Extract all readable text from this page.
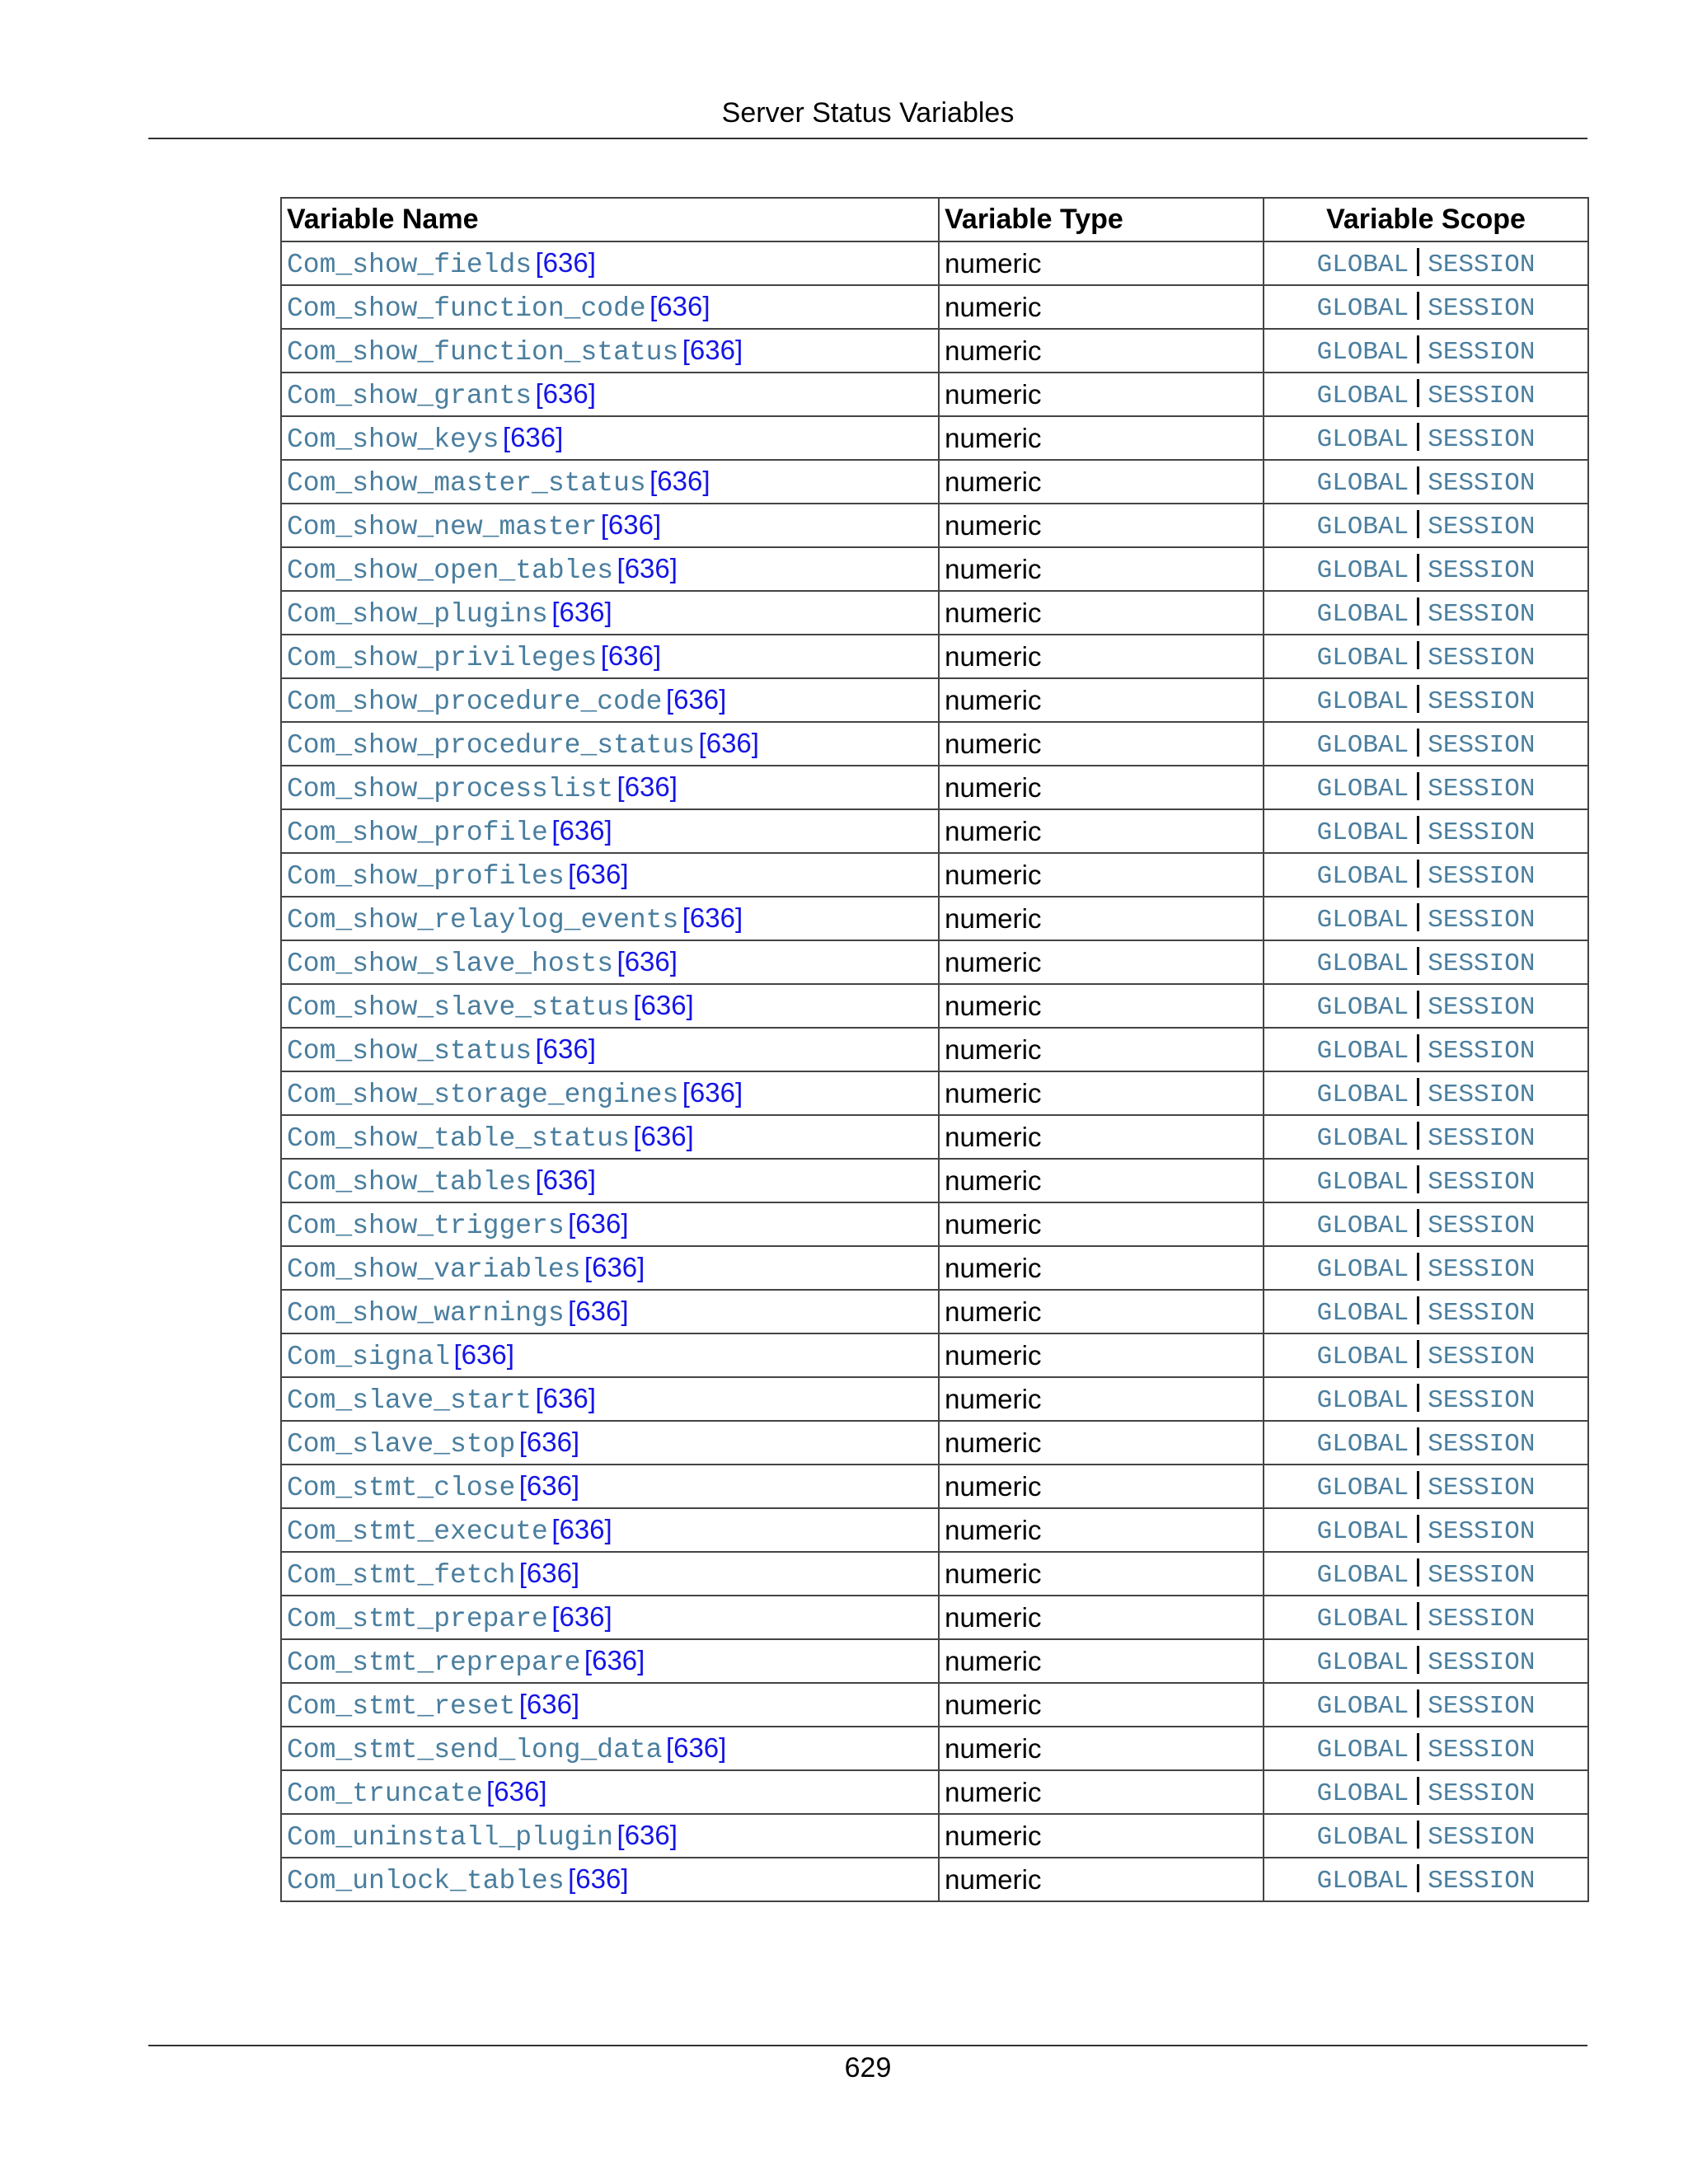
Server Status Variables
Variable Name	Variable Type	Variable Scope
Com_show_fields [636]	numeric	GLOBAL SESSION
Com_show_function_code [636]	numeric	GLOBAL SESSION
Com_show_function_status [636]	numeric	GLOBAL SESSION
Com_show_grants [636]	numeric	GLOBAL SESSION
Com_show_keys [636]	numeric	GLOBAL SESSION
Com_show_master_status [636]	numeric	GLOBAL SESSION
Com_show_new_master [636]	numeric	GLOBAL SESSION
Com_show_open_tables [636]	numeric	GLOBAL SESSION
Com_show_plugins [636]	numeric	GLOBAL SESSION
Com_show_privileges [636]	numeric	GLOBAL SESSION
Com_show_procedure_code [636]	numeric	GLOBAL SESSION
Com_show_procedure_status [636]	numeric	GLOBAL SESSION
Com_show_processlist [636]	numeric	GLOBAL SESSION
Com_show_profile [636]	numeric	GLOBAL SESSION
Com_show_profiles [636]	numeric	GLOBAL SESSION
Com_show_relaylog_events [636]	numeric	GLOBAL SESSION
Com_show_slave_hosts [636]	numeric	GLOBAL SESSION
Com_show_slave_status [636]	numeric	GLOBAL SESSION
Com_show_status [636]	numeric	GLOBAL SESSION
Com_show_storage_engines [636]	numeric	GLOBAL SESSION
Com_show_table_status [636]	numeric	GLOBAL SESSION
Com_show_tables [636]	numeric	GLOBAL SESSION
Com_show_triggers [636]	numeric	GLOBAL SESSION
Com_show_variables [636]	numeric	GLOBAL SESSION
Com_show_warnings [636]	numeric	GLOBAL SESSION
Com_signal [636]	numeric	GLOBAL SESSION
Com_slave_start [636]	numeric	GLOBAL SESSION
Com_slave_stop [636]	numeric	GLOBAL SESSION
Com_stmt_close [636]	numeric	GLOBAL SESSION
Com_stmt_execute [636]	numeric	GLOBAL SESSION
Com_stmt_fetch [636]	numeric	GLOBAL SESSION
Com_stmt_prepare [636]	numeric	GLOBAL SESSION
Com_stmt_reprepare [636]	numeric	GLOBAL SESSION
Com_stmt_reset [636]	numeric	GLOBAL SESSION
Com_stmt_send_long_data [636]	numeric	GLOBAL SESSION
Com_truncate [636]	numeric	GLOBAL SESSION
Com_uninstall_plugin [636]	numeric	GLOBAL SESSION
Com_unlock_tables [636]	numeric	GLOBAL SESSION
629
